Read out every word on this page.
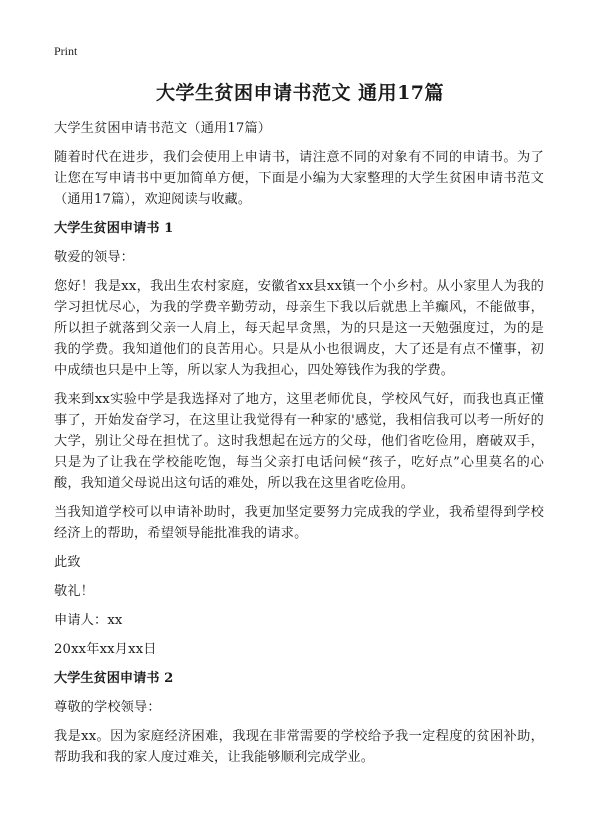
Print
大学生贫困申请书范文 通用17篇

大学生贫困申请书范文（通用17篇）

随着时代在进步，我们会使用上申请书，请注意不同的对象有不同的申请书。为了让您在写申请书中更加简单方便，下面是小编为大家整理的大学生贫困申请书范文（通用17篇），欢迎阅读与收藏。

大学生贫困申请书 1

敬爱的领导：

您好！我是xx，我出生农村家庭，安徽省xx县xx镇一个小乡村。从小家里人为我的学习担忧尽心，为我的学费辛勤劳动，母亲生下我以后就患上羊癫风，不能做事，所以担子就落到父亲一人肩上，每天起早贪黑，为的只是这一天勉强度过，为的是我的学费。我知道他们的良苦用心。只是从小也很调皮，大了还是有点不懂事，初中成绩也只是中上等，所以家人为我担心，四处筹钱作为我的学费。

我来到xx实验中学是我选择对了地方，这里老师优良，学校风气好，而我也真正懂事了，开始发奋学习，在这里让我觉得有一种家的'感觉，我相信我可以考一所好的大学，别让父母在担忧了。这时我想起在远方的父母，他们省吃俭用，磨破双手，只是为了让我在学校能吃饱，每当父亲打电话问候“孩子，吃好点”心里莫名的心酸，我知道父母说出这句话的难处，所以我在这里省吃俭用。

当我知道学校可以申请补助时，我更加坚定要努力完成我的学业，我希望得到学校经济上的帮助，希望领导能批准我的请求。

此致

敬礼！

申请人：xx

20xx年xx月xx日

大学生贫困申请书 2

尊敬的学校领导：

我是xx。因为家庭经济困难，我现在非常需要的学校给予我一定程度的贫困补助，帮助我和我的家人度过难关，让我能够顺利完成学业。
